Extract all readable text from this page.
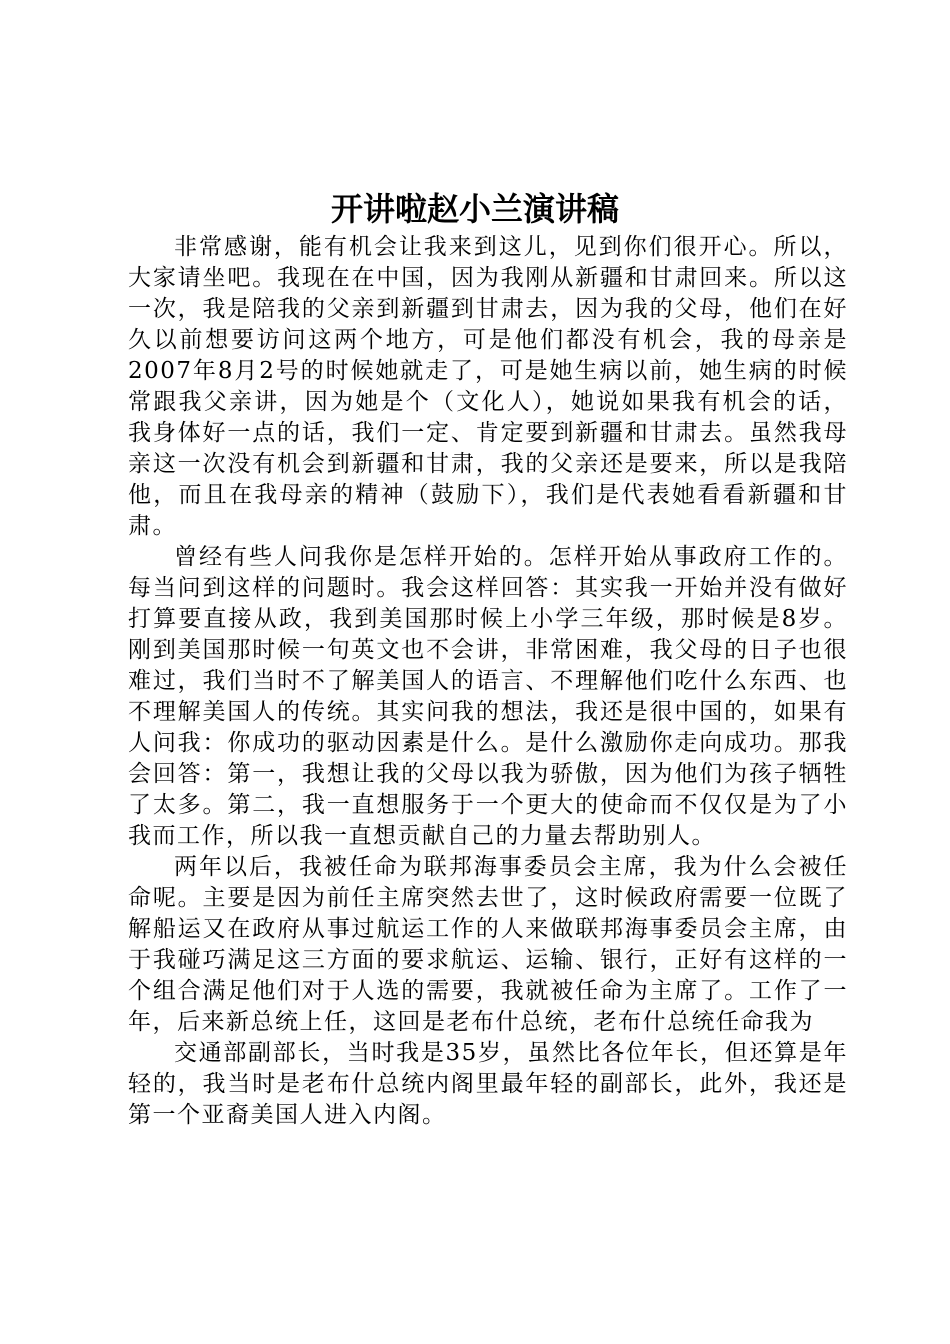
开讲啦赵小兰演讲稿

非常感谢，能有机会让我来到这儿，见到你们很开心。所以，大家请坐吧。我现在在中国，因为我刚从新疆和甘肃回来。所以这一次，我是陪我的父亲到新疆到甘肃去，因为我的父母，他们在好久以前想要访问这两个地方，可是他们都没有机会，我的母亲是2007年8月2号的时候她就走了，可是她生病以前，她生病的时候常跟我父亲讲，因为她是个（文化人），她说如果我有机会的话，我身体好一点的话，我们一定、肯定要到新疆和甘肃去。虽然我母亲这一次没有机会到新疆和甘肃，我的父亲还是要来，所以是我陪他，而且在我母亲的精神（鼓励下），我们是代表她看看新疆和甘肃。

曾经有些人问我你是怎样开始的。怎样开始从事政府工作的。每当问到这样的问题时。我会这样回答：其实我一开始并没有做好打算要直接从政，我到美国那时候上小学三年级，那时候是8岁。刚到美国那时候一句英文也不会讲，非常困难，我父母的日子也很难过，我们当时不了解美国人的语言、不理解他们吃什么东西、也不理解美国人的传统。其实问我的想法，我还是很中国的，如果有人问我：你成功的驱动因素是什么。是什么激励你走向成功。那我会回答：第一，我想让我的父母以我为骄傲，因为他们为孩子牺牲了太多。第二，我一直想服务于一个更大的使命而不仅仅是为了小我而工作，所以我一直想贡献自己的力量去帮助别人。

两年以后，我被任命为联邦海事委员会主席，我为什么会被任命呢。主要是因为前任主席突然去世了，这时候政府需要一位既了解船运又在政府从事过航运工作的人来做联邦海事委员会主席，由于我碰巧满足这三方面的要求航运、运输、银行，正好有这样的一个组合满足他们对于人选的需要，我就被任命为主席了。工作了一年，后来新总统上任，这回是老布什总统，老布什总统任命我为

交通部副部长，当时我是35岁，虽然比各位年长，但还算是年轻的，我当时是老布什总统内阁里最年轻的副部长，此外，我还是第一个亚裔美国人进入内阁。
